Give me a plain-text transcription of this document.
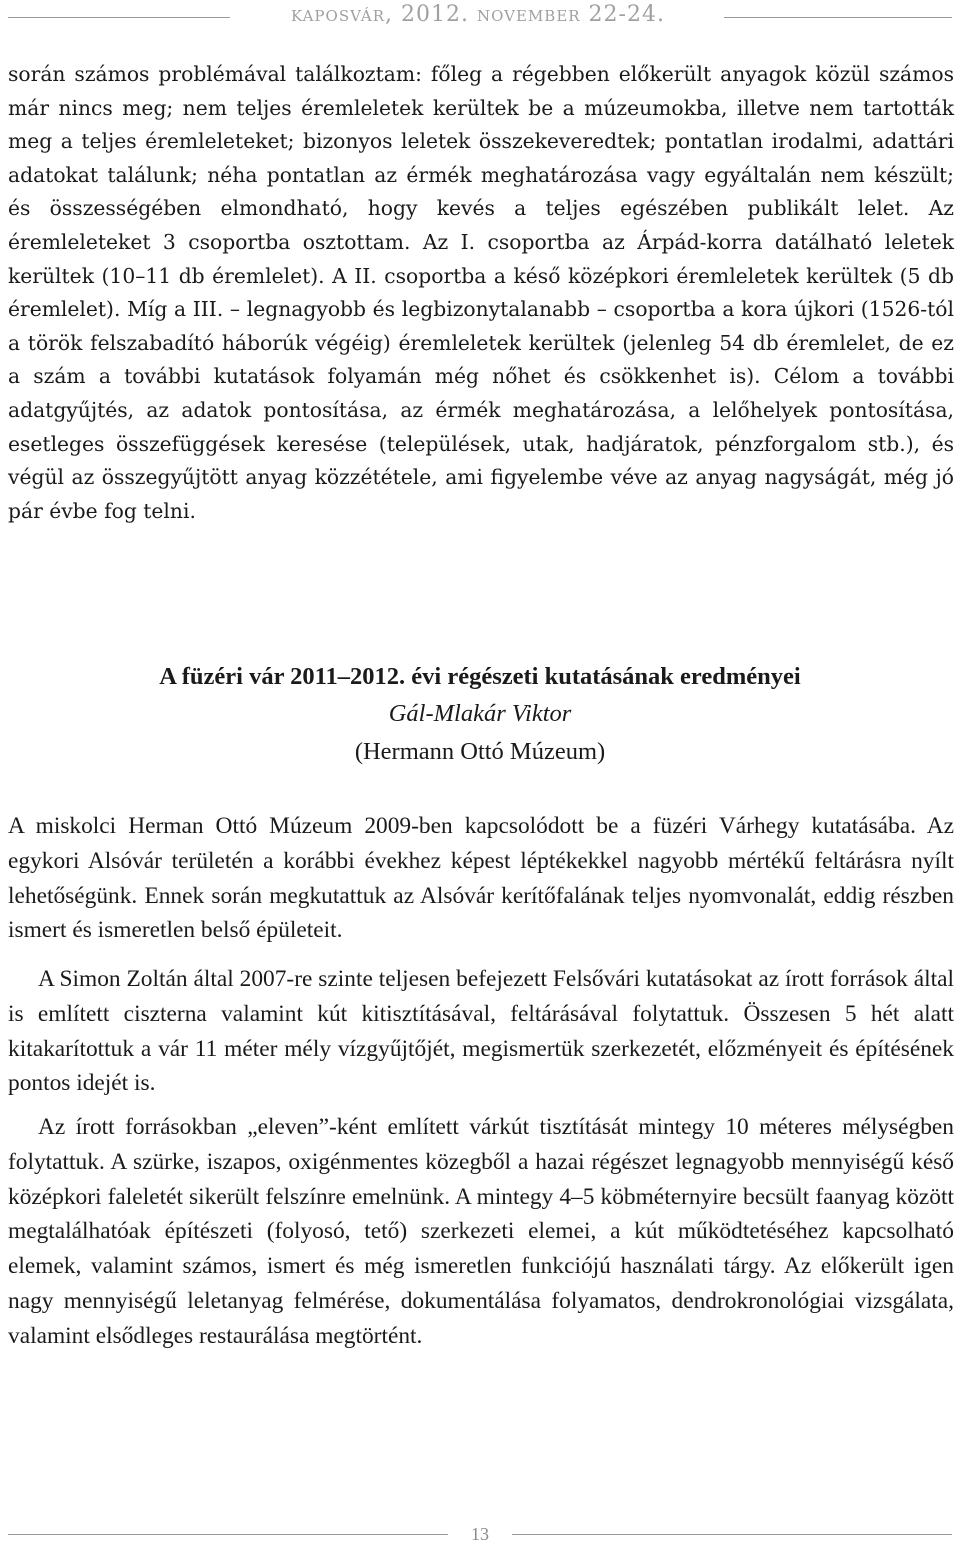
kaposvár, 2012. november 22-24.

során számos problémával találkoztam: főleg a régebben előkerült anyagok közül számos már nincs meg; nem teljes éremleletek kerültek be a múzeumokba, illetve nem tartották meg a teljes éremleleteket; bizonyos leletek összekeveredtek; pontatlan irodalmi, adattári adatokat találunk; néha pontatlan az érmék meghatározása vagy egyáltalán nem készült; és összességében elmondható, hogy kevés a teljes egészében publikált lelet. Az éremleleteket 3 csoportba osztottam. Az I. csoportba az Árpád-korra datálható leletek kerültek (10–11 db éremlelet). A II. csoportba a késő középkori éremleletek kerültek (5 db éremlelet). Míg a III. – legnagyobb és legbizonytalanabb – csoportba a kora újkori (1526-tól a török felszabadító háborúk végéig) éremleletek kerültek (jelenleg 54 db éremlelet, de ez a szám a további kutatások folyamán még nőhet és csökkenhet is). Célom a további adatgyűjtés, az adatok pontosítása, az érmék meghatározása, a lelőhelyek pontosítása, esetleges összefüggések keresése (települések, utak, hadjáratok, pénzforgalom stb.), és végül az összegyűjtött anyag közzététele, ami figyelembe véve az anyag nagyságát, még jó pár évbe fog telni.

A füzéri vár 2011–2012. évi régészeti kutatásának eredményei
Gál-Mlakár Viktor
(Hermann Ottó Múzeum)

A miskolci Herman Ottó Múzeum 2009-ben kapcsolódott be a füzéri Várhegy kutatásába. Az egykori Alsóvár területén a korábbi évekhez képest léptékekkel nagyobb mértékű feltárásra nyílt lehetőségünk. Ennek során megkutattuk az Alsóvár kerítőfalának teljes nyomvonalát, eddig részben ismert és ismeretlen belső épületeit.

A Simon Zoltán által 2007-re szinte teljesen befejezett Felsővári kutatásokat az írott források által is említett ciszterna valamint kút kitisztításával, feltárásával folytattuk. Összesen 5 hét alatt kitakarítottuk a vár 11 méter mély vízgyűjtőjét, megismertük szerkezetét, előzményeit és építésének pontos idejét is.

Az írott forrásokban „eleven”-ként említett várkút tisztítását mintegy 10 méteres mélységben folytattuk. A szürke, iszapos, oxigénmentes közegből a hazai régészet legnagyobb mennyiségű késő középkori faleletét sikerült felszínre emelnünk. A mintegy 4–5 köbméternyire becsült faanyag között megtalálhatóak építészeti (folyosó, tető) szerkezeti elemei, a kút működtetéséhez kapcsolható elemek, valamint számos, ismert és még ismeretlen funkciójú használati tárgy. Az előkerült igen nagy mennyiségű leletanyag felmérése, dokumentálása folyamatos, dendrokronológiai vizsgálata, valamint elsődleges restaurálása megtörtént.

13
